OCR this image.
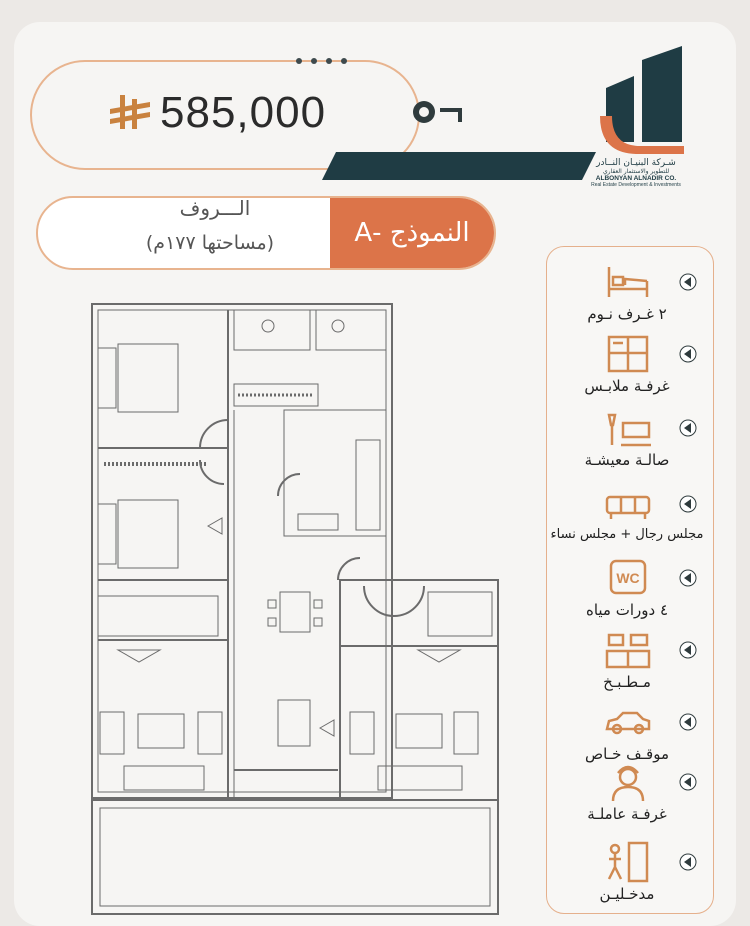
585,000
شـركة البنيـان النــادر
للتطوير والاستثمار العقاري
ALBONYAN ALNADIR CO.
Real Estate Development & Investments
النموذج -A
الـــروف
(مساحتها ١٧٧م)
٢ غـرف نـوم
غرفـة ملابـس
صالـة معيشـة
مجلس رجال + مجلس نساء
WC
٤ دورات مياه
مـطـبـخ
موقـف خـاص
غرفـة عاملـة
مدخـليـن
